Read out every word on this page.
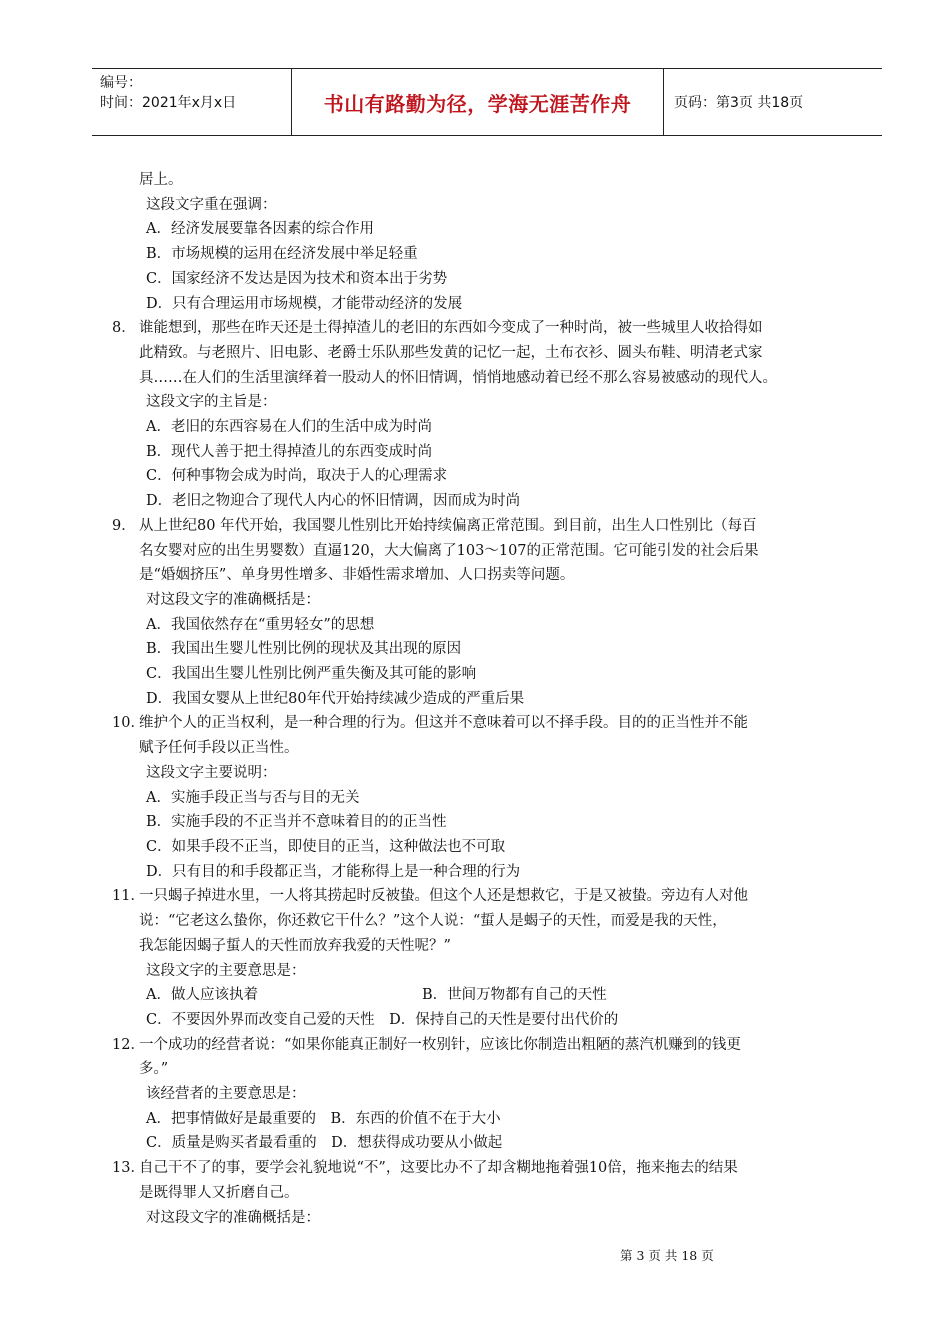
编号：
时间：2021年x月x日	书山有路勤为径，学海无涯苦作舟	页码：第3页 共18页
居上。
这段文字重在强调：
A．经济发展要靠各因素的综合作用
B．市场规模的运用在经济发展中举足轻重
C．国家经济不发达是因为技术和资本出于劣势
D．只有合理运用市场规模，才能带动经济的发展
8． 谁能想到，那些在昨天还是土得掉渣儿的老旧的东西如今变成了一种时尚，被一些城里人收拾得如
此精致。与老照片、旧电影、老爵士乐队那些发黄的记忆一起，土布衣衫、圆头布鞋、明清老式家
具……在人们的生活里演绎着一股动人的怀旧情调，悄悄地感动着已经不那么容易被感动的现代人。
这段文字的主旨是：
A．老旧的东西容易在人们的生活中成为时尚
B．现代人善于把土得掉渣儿的东西变成时尚
C．何种事物会成为时尚，取决于人的心理需求
D．老旧之物迎合了现代人内心的怀旧情调，因而成为时尚
9． 从上世纪80 年代开始，我国婴儿性别比开始持续偏离正常范围。到目前，出生人口性别比（每百
名女婴对应的出生男婴数）直逼120，大大偏离了103～107的正常范围。它可能引发的社会后果
是“婚姻挤压”、单身男性增多、非婚性需求增加、人口拐卖等问题。
对这段文字的准确概括是：
A．我国依然存在“重男轻女”的思想
B．我国出生婴儿性别比例的现状及其出现的原因
C．我国出生婴儿性别比例严重失衡及其可能的影响
D．我国女婴从上世纪80年代开始持续减少造成的严重后果
10．
维护个人的正当权利，是一种合理的行为。但这并不意味着可以不择手段。目的的正当性并不能
赋予任何手段以正当性。
这段文字主要说明：
A．实施手段正当与否与目的无关
B．实施手段的不正当并不意味着目的的正当性
C．如果手段不正当，即使目的正当，这种做法也不可取
D．只有目的和手段都正当，才能称得上是一种合理的行为
11．
一只蝎子掉进水里，一人将其捞起时反被蛰。但这个人还是想救它，于是又被蛰。旁边有人对他
说：“它老这么蛰你，你还救它干什么？”这个人说：“蜇人是蝎子的天性，而爱是我的天性，
我怎能因蝎子蜇人的天性而放弃我爱的天性呢？”
这段文字的主要意思是：
A．做人应该执着	B．世间万物都有自己的天性
C．不要因外界而改变自己爱的天性　D．保持自己的天性是要付出代价的
12．
一个成功的经营者说：“如果你能真正制好一枚别针，应该比你制造出粗陋的蒸汽机赚到的钱更
多。”
该经营者的主要意思是：
A．把事情做好是最重要的　B．东西的价值不在于大小
C．质量是购买者最看重的　D．想获得成功要从小做起
13．
自己干不了的事，要学会礼貌地说“不”，这要比办不了却含糊地拖着强10倍，拖来拖去的结果
是既得罪人又折磨自己。
对这段文字的准确概括是：
第 3 页 共 18 页
